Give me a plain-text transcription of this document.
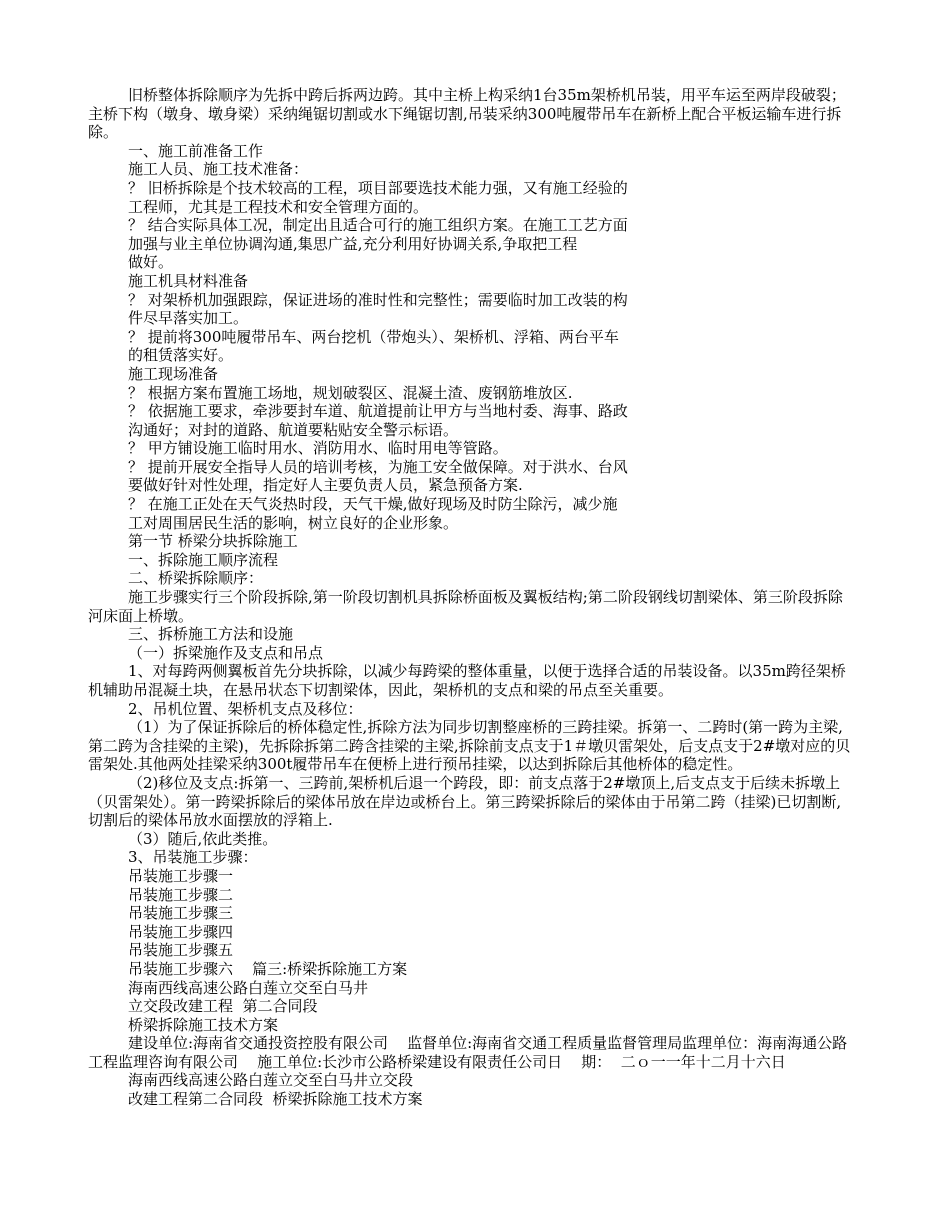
旧桥整体拆除顺序为先拆中跨后拆两边跨。其中主桥上构采纳1台35m架桥机吊装，用平车运至两岸段破裂；主桥下构（墩身、墩身梁）采纳绳锯切割或水下绳锯切割,吊装采纳300吨履带吊车在新桥上配合平板运输车进行拆除。

一、施工前准备工作

施工人员、施工技术准备：

？ 旧桥拆除是个技术较高的工程，项目部要选技术能力强，又有施工经验的

工程师，尤其是工程技术和安全管理方面的。

？ 结合实际具体工况，制定出且适合可行的施工组织方案。在施工工艺方面

加强与业主单位协调沟通,集思广益,充分利用好协调关系,争取把工程

做好。

施工机具材料准备

？ 对架桥机加强跟踪，保证进场的准时性和完整性；需要临时加工改装的构

件尽早落实加工。

？ 提前将300吨履带吊车、两台挖机（带炮头）、架桥机、浮箱、两台平车

的租赁落实好。

施工现场准备

？ 根据方案布置施工场地，规划破裂区、混凝土渣、废钢筋堆放区.

？ 依据施工要求，牵涉要封车道、航道提前让甲方与当地村委、海事、路政

沟通好；对封的道路、航道要粘贴安全警示标语。

？ 甲方铺设施工临时用水、消防用水、临时用电等管路。

？ 提前开展安全指导人员的培训考核，为施工安全做保障。对于洪水、台风

要做好针对性处理，指定好人主要负责人员，紧急预备方案.

？ 在施工正处在天气炎热时段，天气干燥,做好现场及时防尘除污，减少施

工对周围居民生活的影响，树立良好的企业形象。

第一节 桥梁分块拆除施工

一、拆除施工顺序流程

二、桥梁拆除顺序：

施工步骤实行三个阶段拆除,第一阶段切割机具拆除桥面板及翼板结构;第二阶段钢线切割梁体、第三阶段拆除河床面上桥墩。

三、拆桥施工方法和设施

（一）拆梁施作及支点和吊点

1、对每跨两侧翼板首先分块拆除，以减少每跨梁的整体重量，以便于选择合适的吊装设备。以35m跨径架桥机辅助吊混凝土块，在悬吊状态下切割梁体，因此，架桥机的支点和梁的吊点至关重要。

2、吊机位置、架桥机支点及移位：

（1）为了保证拆除后的桥体稳定性,拆除方法为同步切割整座桥的三跨挂梁。拆第一、二跨时(第一跨为主梁,第二跨为含挂梁的主梁)，先拆除拆第二跨含挂梁的主梁,拆除前支点支于1＃墩贝雷架处，后支点支于2#墩对应的贝雷架处.其他两处挂梁采纳300t履带吊车在便桥上进行预吊挂梁，以达到拆除后其他桥体的稳定性。

（2)移位及支点:拆第一、三跨前,架桥机后退一个跨段，即：前支点落于2#墩顶上,后支点支于后续未拆墩上（贝雷架处）。第一跨梁拆除后的梁体吊放在岸边或桥台上。第三跨梁拆除后的梁体由于吊第二跨（挂梁)已切割断,切割后的梁体吊放水面摆放的浮箱上.

（3）随后,依此类推。

3、吊装施工步骤：

吊装施工步骤一

吊装施工步骤二

吊装施工步骤三

吊装施工步骤四

吊装施工步骤五

吊装施工步骤六    篇三:桥梁拆除施工方案

海南西线高速公路白莲立交至白马井

立交段改建工程  第二合同段

桥梁拆除施工技术方案

建设单位:海南省交通投资控股有限公司    监督单位:海南省交通工程质量监督管理局监理单位：海南海通公路工程监理咨询有限公司    施工单位:长沙市公路桥梁建设有限责任公司日    期：  二ｏ一一年十二月十六日

海南西线高速公路白莲立交至白马井立交段

改建工程第二合同段  桥梁拆除施工技术方案
